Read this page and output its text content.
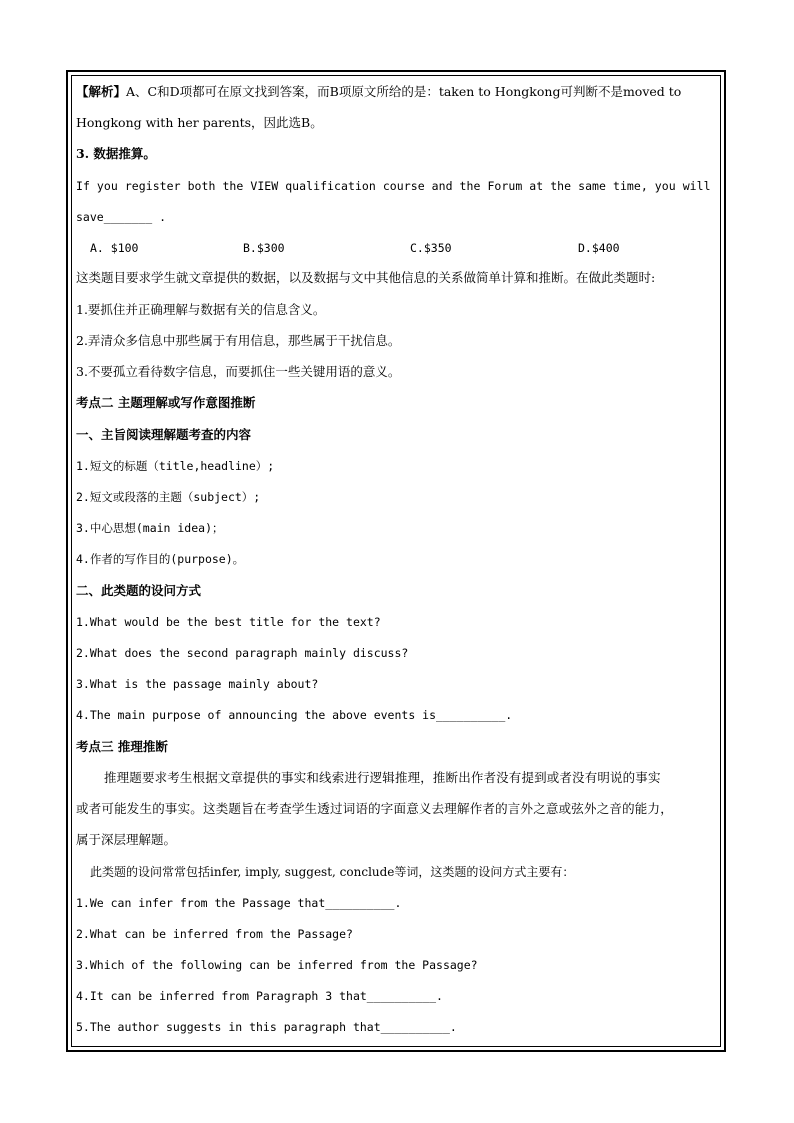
【解析】A、C和D项都可在原文找到答案，而B项原文所给的是：taken to Hongkong可判断不是moved to
Hongkong with her parents，因此选B。
3. 数据推算。
If you register both the VIEW qualification course and the Forum at the same time, you will
save_______ .
A. $100	B.$300	C.$350	D.$400
这类题目要求学生就文章提供的数据，以及数据与文中其他信息的关系做简单计算和推断。在做此类题时:
1.要抓住并正确理解与数据有关的信息含义。
2.弄清众多信息中那些属于有用信息，那些属于干扰信息。
3.不要孤立看待数字信息，而要抓住一些关键用语的意义。
考点二 主题理解或写作意图推断
一、主旨阅读理解题考查的内容
1.短文的标题（title,headline）;
2.短文或段落的主题（subject）;
3.中心思想(main idea)；
4.作者的写作目的(purpose)。
二、此类题的设问方式
1.What would be the best title for the text?
2.What does the second paragraph mainly discuss?
3.What is the passage mainly about?
4.The main purpose of announcing the above events is__________.
考点三 推理推断
推理题要求考生根据文章提供的事实和线索进行逻辑推理，推断出作者没有提到或者没有明说的事实
或者可能发生的事实。这类题旨在考查学生透过词语的字面意义去理解作者的言外之意或弦外之音的能力，
属于深层理解题。
此类题的设问常常包括infer, imply, suggest, conclude等词，这类题的设问方式主要有：
1.We can infer from the Passage that__________.
2.What can be inferred from the Passage?
3.Which of the following can be inferred from the Passage?
4.It can be inferred from Paragraph 3 that__________.
5.The author suggests in this paragraph that__________.
